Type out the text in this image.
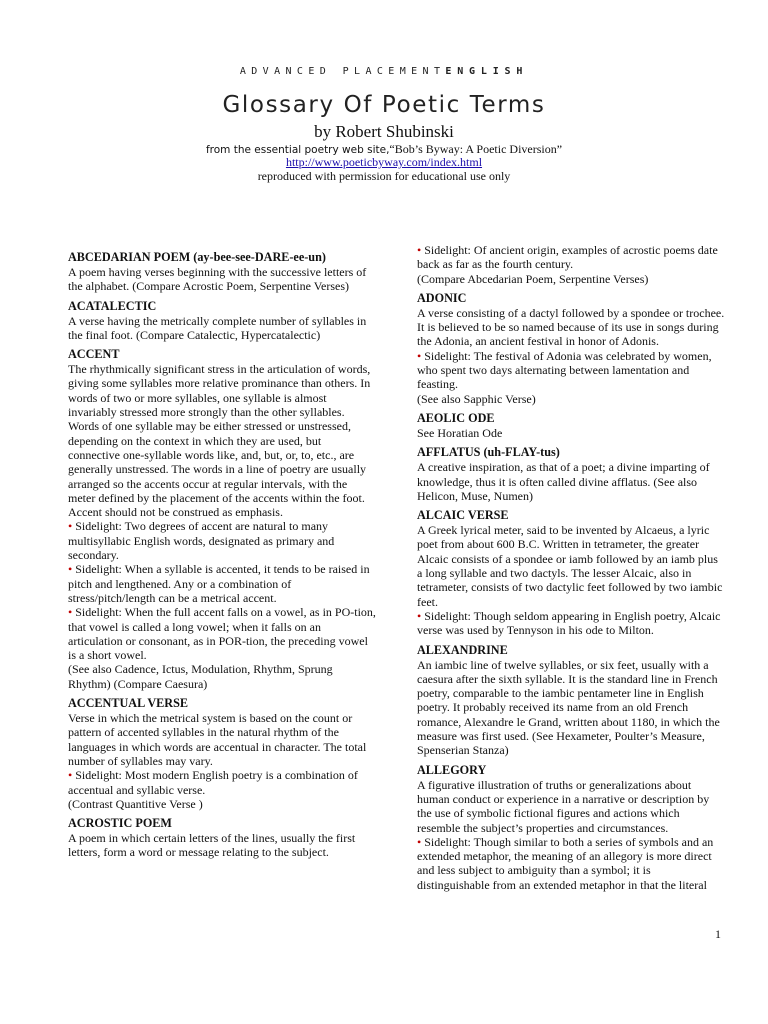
ADVANCED PLACEMENTENGLISH
Glossary Of Poetic Terms
by Robert Shubinski
from the essential poetry web site,“Bob’s Byway: A Poetic Diversion”
http://www.poeticbyway.com/index.html
reproduced with permission for educational use only
ABCEDARIAN POEM (ay-bee-see-DARE-ee-un)
A poem having verses beginning with the successive letters of the alphabet. (Compare Acrostic Poem, Serpentine Verses)
ACATALECTIC
A verse having the metrically complete number of syllables in the final foot. (Compare Catalectic, Hypercatalectic)
ACCENT
The rhythmically significant stress in the articulation of words, giving some syllables more relative prominance than others. In words of two or more syllables, one syllable is almost invariably stressed more strongly than the other syllables. Words of one syllable may be either stressed or unstressed, depending on the context in which they are used, but connective one-syllable words like, and, but, or, to, etc., are generally unstressed. The words in a line of poetry are usually arranged so the accents occur at regular intervals, with the meter defined by the placement of the accents within the foot. Accent should not be construed as emphasis.
• Sidelight: Two degrees of accent are natural to many multisyllabic English words, designated as primary and secondary.
• Sidelight: When a syllable is accented, it tends to be raised in pitch and lengthened. Any or a combination of stress/pitch/length can be a metrical accent.
• Sidelight: When the full accent falls on a vowel, as in PO-tion, that vowel is called a long vowel; when it falls on an articulation or consonant, as in POR-tion, the preceding vowel is a short vowel.
(See also Cadence, Ictus, Modulation, Rhythm, Sprung Rhythm) (Compare Caesura)
ACCENTUAL VERSE
Verse in which the metrical system is based on the count or pattern of accented syllables in the natural rhythm of the languages in which words are accentual in character. The total number of syllables may vary.
• Sidelight: Most modern English poetry is a combination of accentual and syllabic verse.
(Contrast Quantitive Verse )
ACROSTIC POEM
A poem in which certain letters of the lines, usually the first letters, form a word or message relating to the subject.
• Sidelight: Of ancient origin, examples of acrostic poems date back as far as the fourth century.
(Compare Abcedarian Poem, Serpentine Verses)
ADONIC
A verse consisting of a dactyl followed by a spondee or trochee. It is believed to be so named because of its use in songs during the Adonia, an ancient festival in honor of Adonis.
• Sidelight: The festival of Adonia was celebrated by women, who spent two days alternating between lamentation and feasting.
(See also Sapphic Verse)
AEOLIC ODE
See Horatian Ode
AFFLATUS (uh-FLAY-tus)
A creative inspiration, as that of a poet; a divine imparting of knowledge, thus it is often called divine afflatus. (See also Helicon, Muse, Numen)
ALCAIC VERSE
A Greek lyrical meter, said to be invented by Alcaeus, a lyric poet from about 600 B.C. Written in tetrameter, the greater Alcaic consists of a spondee or iamb followed by an iamb plus a long syllable and two dactyls. The lesser Alcaic, also in tetrameter, consists of two dactylic feet followed by two iambic feet.
• Sidelight: Though seldom appearing in English poetry, Alcaic verse was used by Tennyson in his ode to Milton.
ALEXANDRINE
An iambic line of twelve syllables, or six feet, usually with a caesura after the sixth syllable. It is the standard line in French poetry, comparable to the iambic pentameter line in English poetry. It probably received its name from an old French romance, Alexandre le Grand, written about 1180, in which the measure was first used. (See Hexameter, Poulter’s Measure, Spenserian Stanza)
ALLEGORY
A figurative illustration of truths or generalizations about human conduct or experience in a narrative or description by the use of symbolic fictional figures and actions which resemble the subject’s properties and circumstances.
• Sidelight: Though similar to both a series of symbols and an extended metaphor, the meaning of an allegory is more direct and less subject to ambiguity than a symbol; it is distinguishable from an extended metaphor in that the literal
1
